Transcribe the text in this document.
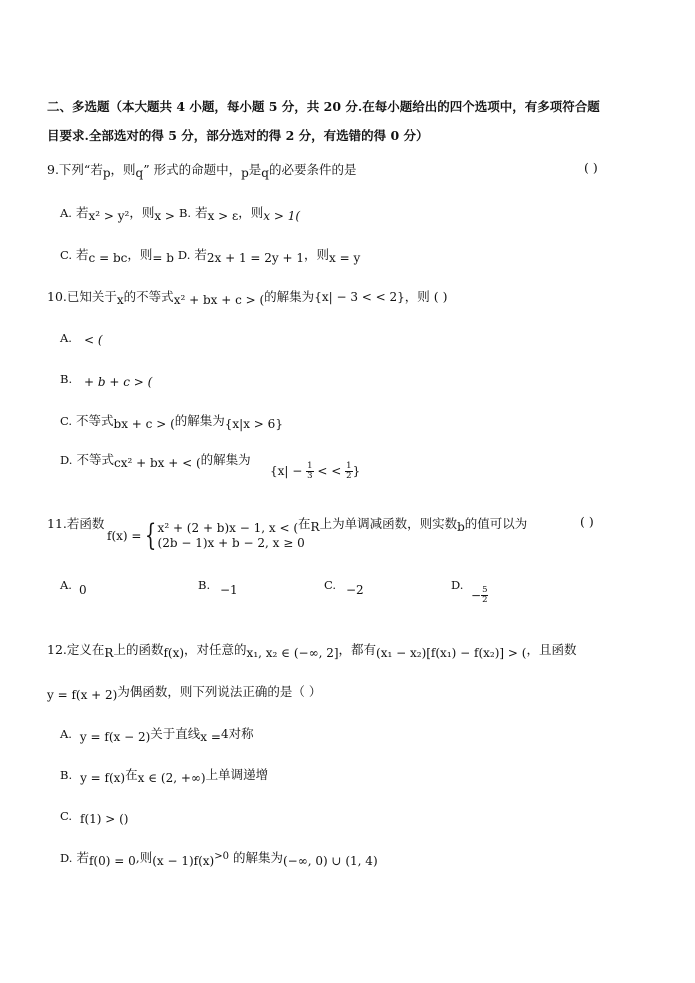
二、多选题（本大题共 4 小题，每小题 5 分，共 20 分.在每小题给出的四个选项中，有多项符合题
目要求.全部选对的得 5 分，部分选对的得 2 分，有选错的得 0 分）
9.下列“若p，则q” 形式的命题中，p是q的必要条件的是	( )
A. 若x² > y²，则x > B. 若x > ε，则x > 1(
C. 若c = bc，则= b D. 若2x + 1 = 2y + 1，则x = y
10.已知关于x的不等式x² + bx + c > (的解集为{x| − 3 < < 2}，则 ( )
A. < (
B. + b + c > (
C. 不等式bx + c > (的解集为{x|x > 6}
D. 不等式cx² + bx + < (的解集为
{$x| - \frac{1}{3}$ < < $\frac{1}{2}$ }
11.若函数
f(x) = { x² + (2 + b)x − 1, x < (
(2b − 1)x + b − 2, x ≥ 0
在R上为单调减函数，则实数b的值可以为	( )
A. 0	B. −1	C. −2	D.
− $\frac{5}{2}$
12.定义在R上的函数f(x)，对任意的x₁, x₂ ∈ (−∞, 2]，都有(x₁ − x₂)[f(x₁) − f(x₂)] > (，且函数
y = f(x + 2)为偶函数，则下列说法正确的是（ ）
A. y = f(x − 2)关于直线x =4对称
B. y = f(x)在x ∈ (2, +∞)上单调递增
C. f(1) > ()
D. 若f(0) = 0,则$(x - 1)f(x)^{>0}$ 的解集为(−∞, 0) ∪ (1, 4)
